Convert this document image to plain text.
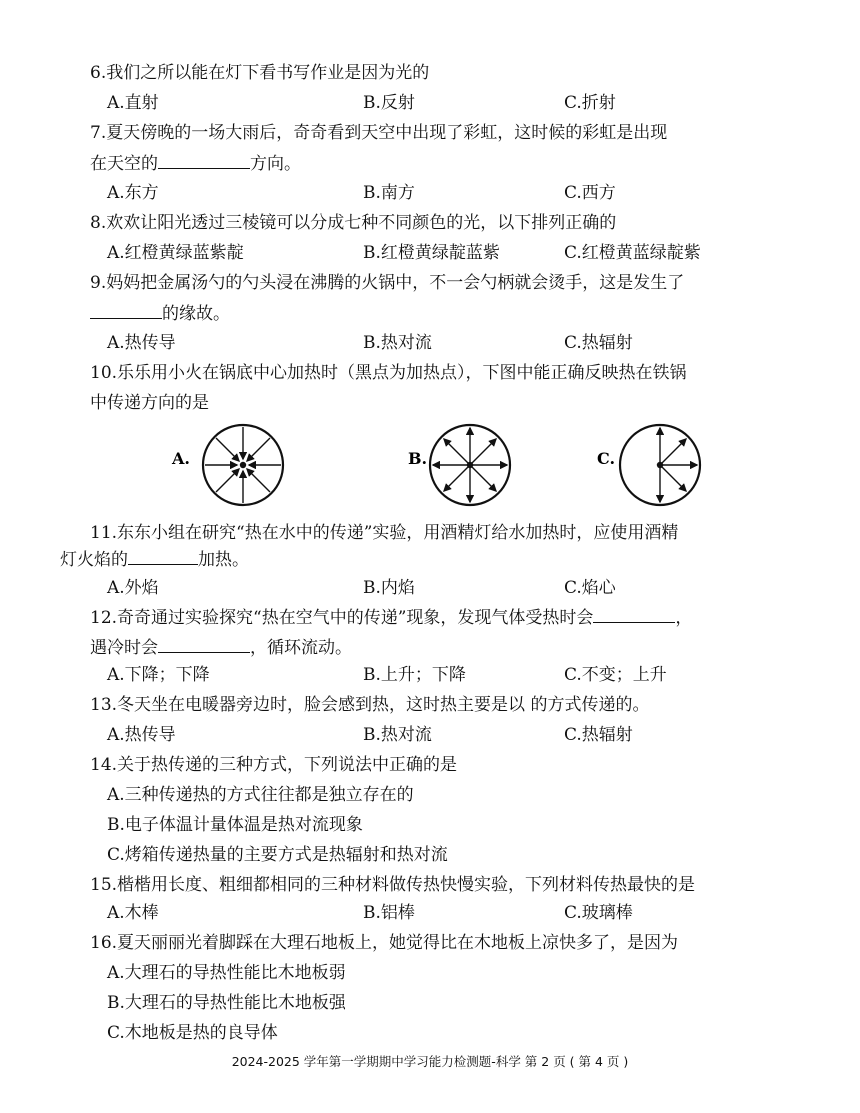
6.我们之所以能在灯下看书写作业是因为光的
A.直射	B.反射	C.折射
7.夏天傍晚的一场大雨后，奇奇看到天空中出现了彩虹，这时候的彩虹是出现
在天空的	方向。
A.东方	B.南方	C.西方
8.欢欢让阳光透过三棱镜可以分成七种不同颜色的光，以下排列正确的
A.红橙黄绿蓝紫靛	B.红橙黄绿靛蓝紫	C.红橙黄蓝绿靛紫
9.妈妈把金属汤勺的勺头浸在沸腾的火锅中，不一会勺柄就会烫手，这是发生了
的缘故。
A.热传导	B.热对流	C.热辐射
10.乐乐用小火在锅底中心加热时（黑点为加热点），下图中能正确反映热在铁锅
中传递方向的是
A.	B.	C.
11.东东小组在研究“热在水中的传递”实验，用酒精灯给水加热时，应使用酒精
灯火焰的	加热。
A.外焰	B.内焰	C.焰心
12.奇奇通过实验探究“热在空气中的传递”现象，发现气体受热时会	，
遇冷时会	，循环流动。
A.下降；下降	B.上升；下降	C.不变；上升
13.冬天坐在电暖器旁边时，脸会感到热，这时热主要是以 的方式传递的。
A.热传导	B.热对流	C.热辐射
14.关于热传递的三种方式，下列说法中正确的是
A.三种传递热的方式往往都是独立存在的
B.电子体温计量体温是热对流现象
C.烤箱传递热量的主要方式是热辐射和热对流
15.楷楷用长度、粗细都相同的三种材料做传热快慢实验，下列材料传热最快的是
A.木棒	B.铝棒	C.玻璃棒
16.夏天丽丽光着脚踩在大理石地板上，她觉得比在木地板上凉快多了，是因为
A.大理石的导热性能比木地板弱
B.大理石的导热性能比木地板强
C.木地板是热的良导体
2024-2025 学年第一学期期中学习能力检测题-科学 第 2 页 ( 第 4 页 )
